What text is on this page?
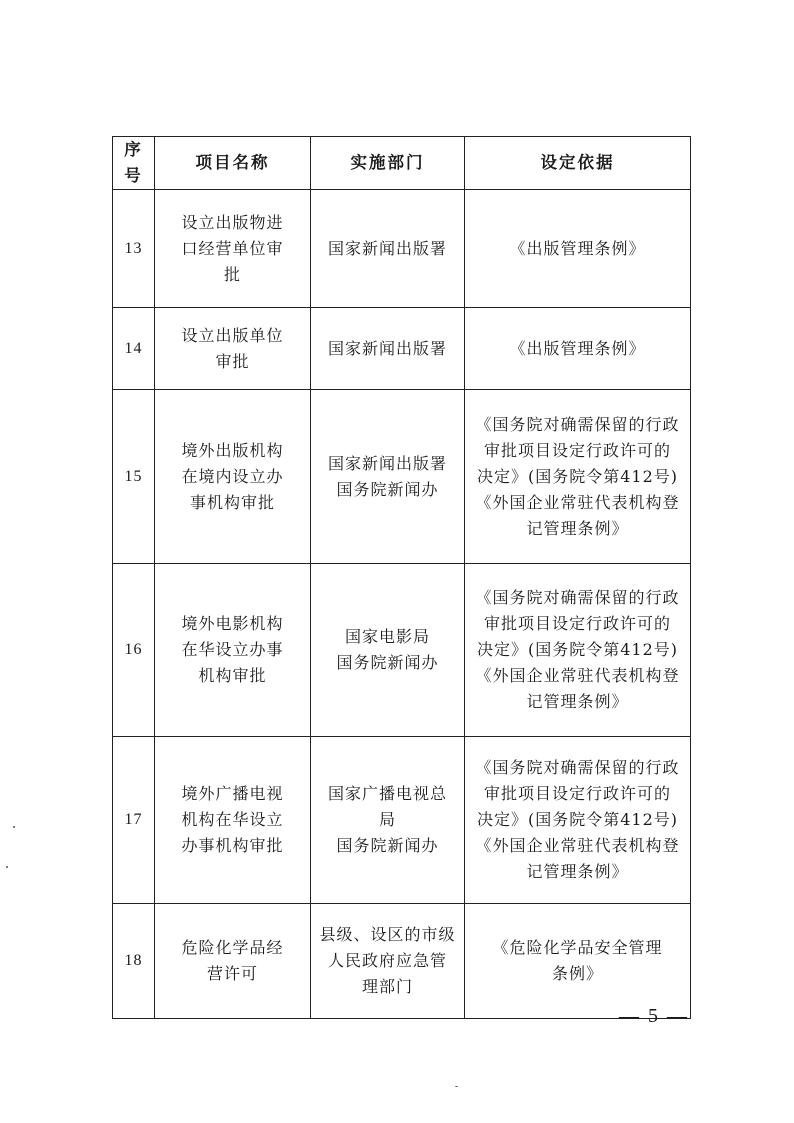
序号	项目名称	实施部门	设定依据
13	设立出版物进
口经营单位审
批	国家新闻出版署	《出版管理条例》
14	设立出版单位
审批	国家新闻出版署	《出版管理条例》
15	境外出版机构
在境内设立办
事机构审批	国家新闻出版署
国务院新闻办	《国务院对确需保留的行政
审批项目设定行政许可的
决定》(国务院令第412号)
《外国企业常驻代表机构登
记管理条例》
16	境外电影机构
在华设立办事
机构审批	国家电影局
国务院新闻办	《国务院对确需保留的行政
审批项目设定行政许可的
决定》(国务院令第412号)
《外国企业常驻代表机构登
记管理条例》
17	境外广播电视
机构在华设立
办事机构审批	国家广播电视总
局
国务院新闻办	《国务院对确需保留的行政
审批项目设定行政许可的
决定》(国务院令第412号)
《外国企业常驻代表机构登
记管理条例》
18	危险化学品经
营许可	县级、设区的市级
人民政府应急管
理部门	《危险化学品安全管理
条例》
— 5 —
